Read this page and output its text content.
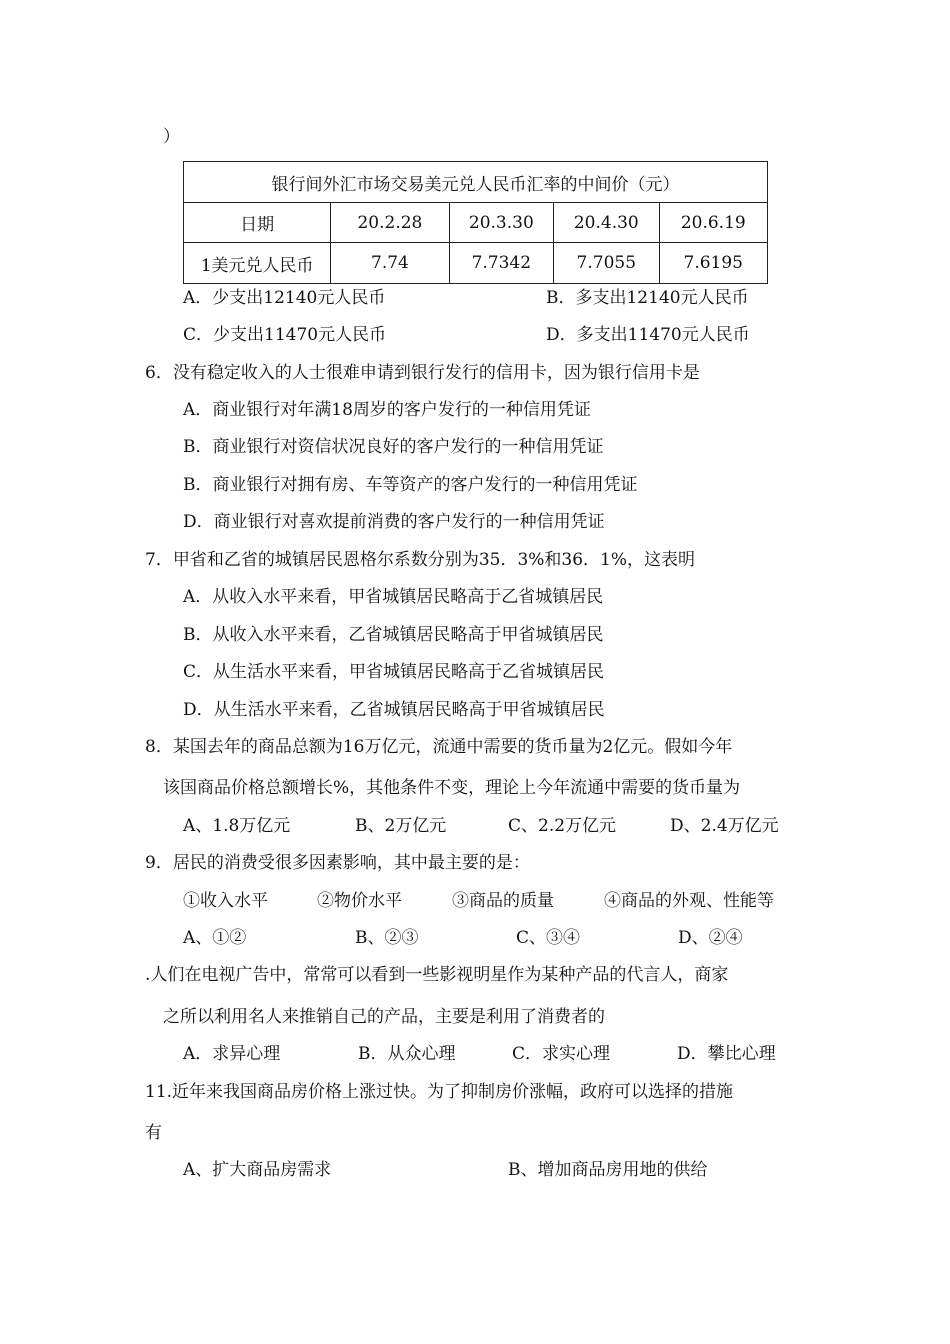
）
银行间外汇市场交易美元兑人民币汇率的中间价（元）				
日期	20.2.28	20.3.30	20.4.30	20.6.19
1美元兑人民币	7.74	7.7342	7.7055	7.6195
A．少支出12140元人民币	B．多支出12140元人民币
C．少支出11470元人民币	D．多支出11470元人民币
6．没有稳定收入的人士很难申请到银行发行的信用卡，因为银行信用卡是
A．商业银行对年满18周岁的客户发行的一种信用凭证
B．商业银行对资信状况良好的客户发行的一种信用凭证
B．商业银行对拥有房、车等资产的客户发行的一种信用凭证
D．商业银行对喜欢提前消费的客户发行的一种信用凭证
7．甲省和乙省的城镇居民恩格尔系数分别为35．3%和36．1%，这表明
A．从收入水平来看，甲省城镇居民略高于乙省城镇居民
B．从收入水平来看，乙省城镇居民略高于甲省城镇居民
C．从生活水平来看，甲省城镇居民略高于乙省城镇居民
D．从生活水平来看，乙省城镇居民略高于甲省城镇居民
8．某国去年的商品总额为16万亿元，流通中需要的货币量为2亿元。假如今年
该国商品价格总额增长%，其他条件不变，理论上今年流通中需要的货币量为
A、1.8万亿元	B、2万亿元	C、2.2万亿元	D、2.4万亿元
9．居民的消费受很多因素影响，其中最主要的是：
①收入水平	②物价水平	③商品的质量	④商品的外观、性能等
A、①②	B、②③	C、③④	D、②④
.人们在电视广告中，常常可以看到一些影视明星作为某种产品的代言人，商家
之所以利用名人来推销自己的产品，主要是利用了消费者的
A．求异心理	B．从众心理	C．求实心理	D．攀比心理
11.近年来我国商品房价格上涨过快。为了抑制房价涨幅，政府可以选择的措施
有
A、扩大商品房需求	B、增加商品房用地的供给
